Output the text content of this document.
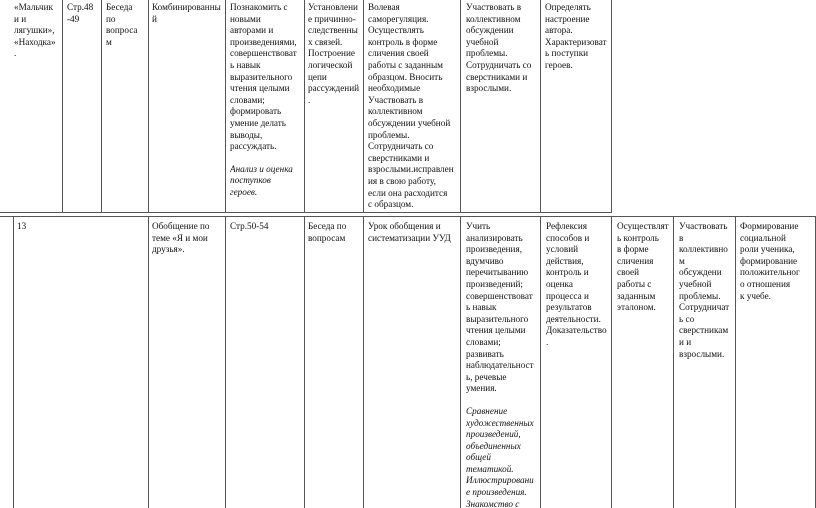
«Мальчик
и и
лягушки»,
«Находка»
.
Стр.48
-49
Беседа
по
вопроса
м
Комбинированны
й
Познакомить с
новыми
авторами и
произведениями,
совершенствоват
ь навык
выразительного
чтения целыми
словами;
формировать
умение делать
выводы,
рассуждать.
Анализ и оценка
поступков
героев.
Установлени
е причинно-
следственны
х связей.
Построение
логической
цепи
рассуждений
.
Волевая
саморегуляция.
Осуществлять
контроль в форме
сличения своей
работы с заданным
образцом. Вносить
необходимые
Участвовать в
коллективном
обсуждении учебной
проблемы.
Сотрудничать со
сверстниками и
взрослыми.исправлен
ия в свою работу,
если она расходится
с образцом.
Участвовать в
коллективном
обсуждении
учебной
проблемы.
Сотрудничать со
сверстниками и
взрослыми.
Определять
настроение
автора.
Характеризоват
ь поступки
героев.
13	Обобщение по
теме «Я и мои
друзья».
Стр.50-54	Беседа по
вопросам
Урок обобщения и
систематизации УУД
Учить
анализировать
произведения,
вдумчиво
перечитыванию
произведений;
совершенствоват
ь навык
выразительного
чтения целыми
словами;
развивать
наблюдательност
ь, речевые
умения.
Сравнение
художественных
произведений,
объединенных
общей
тематикой.
Иллюстрировани
е произведения.
Знакомство с
Рефлексия
способов и
условий
действия,
контроль и
оценка
процесса и
результатов
деятельности.
Доказательство
.
Осуществлят
ь контроль
в форме
сличения
своей
работы с
заданным
эталоном.
Участвовать
в
коллективно
м
обсуждени
учебной
проблемы.
Сотрудничат
ь со
сверстникам
и и
взрослыми.
Формирование
социальной
роли ученика,
формирование
положительног
о отношения
к учебе.
